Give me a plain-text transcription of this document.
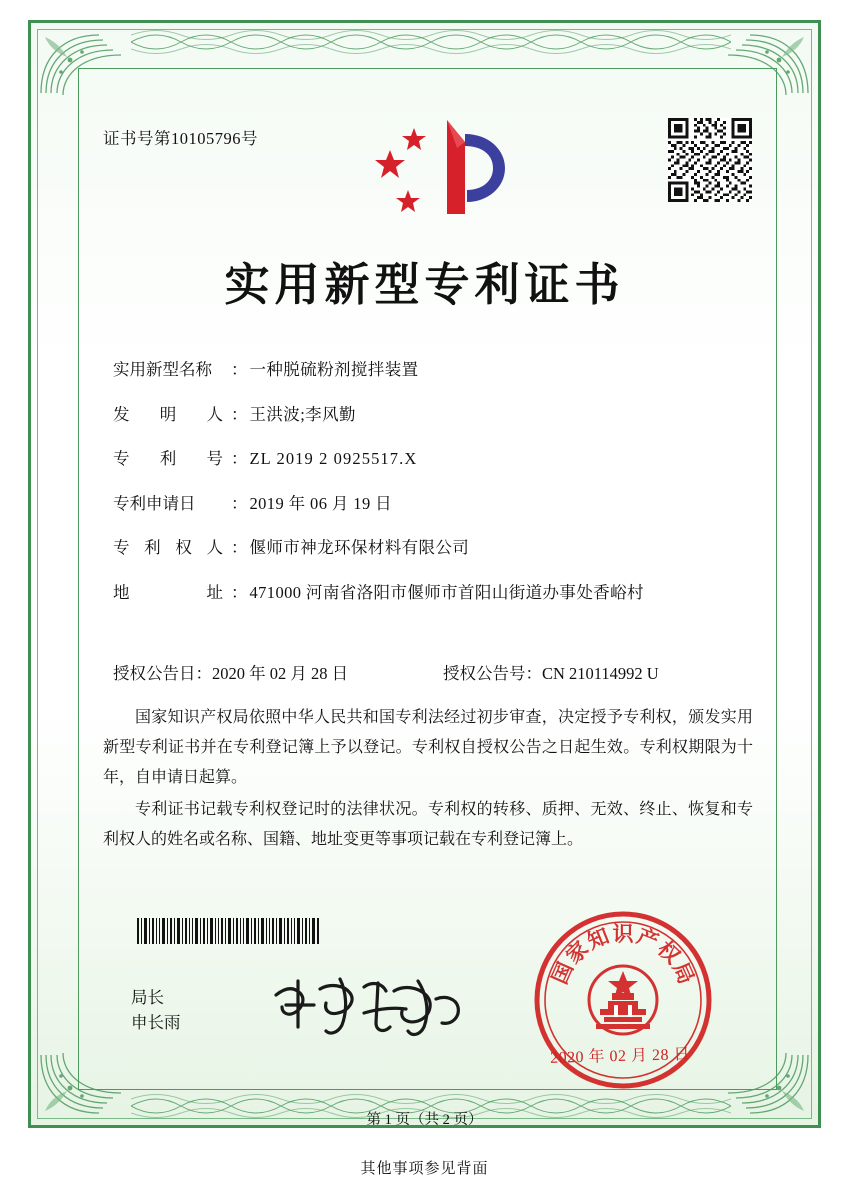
证书号第10105796号
实用新型专利证书
实用新型名称	： 一种脱硫粉剂搅拌装置
发明人 ： 王洪波;李风勤
专利号 ： ZL 2019 2 0925517.X
专利申请日	： 2019 年 06 月 19 日
专利权人 ： 偃师市神龙环保材料有限公司
地址 ： 471000 河南省洛阳市偃师市首阳山街道办事处香峪村
授权公告日：2020 年 02 月 28 日	授权公告号：CN 210114992 U

国家知识产权局依照中华人民共和国专利法经过初步审查，决定授予专利权，颁发实用新型专利证书并在专利登记簿上予以登记。专利权自授权公告之日起生效。专利权期限为十年，自申请日起算。

专利证书记载专利权登记时的法律状况。专利权的转移、质押、无效、终止、恢复和专利权人的姓名或名称、国籍、地址变更等事项记载在专利登记簿上。

局长
申长雨
国
家
知 识 产
权
局
2020 年 02 月 28 日
第 1 页（共 2 页）
其他事项参见背面
